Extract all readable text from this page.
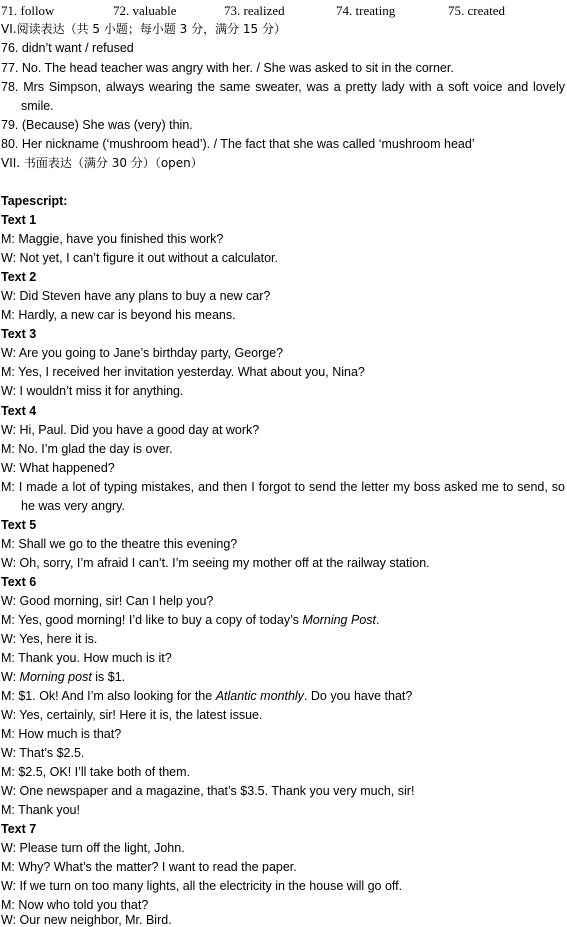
71. follow	72. valuable	73. realized	74. treating	75. created
VI.阅读表达（共 5 小题；每小题 3 分，满分 15 分）
76. didn’t want / refused
77. No. The head teacher was angry with her. / She was asked to sit in the corner.
78. Mrs Simpson, always wearing the same sweater, was a pretty lady with a soft voice and lovely
smile.
79. (Because) She was (very) thin.
80. Her nickname (‘mushroom head’). / The fact that she was called ‘mushroom head’
VII. 书面表达（满分 30 分）（open）
Tapescript:
Text 1
M: Maggie, have you finished this work?
W: Not yet, I can’t figure it out without a calculator.
Text 2
W: Did Steven have any plans to buy a new car?
M: Hardly, a new car is beyond his means.
Text 3
W: Are you going to Jane’s birthday party, George?
M: Yes, I received her invitation yesterday. What about you, Nina?
W: I wouldn’t miss it for anything.
Text 4
W: Hi, Paul. Did you have a good day at work?
M: No. I’m glad the day is over.
W: What happened?
M: I made a lot of typing mistakes, and then I forgot to send the letter my boss asked me to send, so
he was very angry.
Text 5
M: Shall we go to the theatre this evening?
W: Oh, sorry, I’m afraid I can’t. I’m seeing my mother off at the railway station.
Text 6
W: Good morning, sir! Can I help you?
M: Yes, good morning! I’d like to buy a copy of today’s Morning Post.
W: Yes, here it is.
M: Thank you. How much is it?
W: Morning post is $1.
M: $1. Ok! And I’m also looking for the Atlantic monthly. Do you have that?
W: Yes, certainly, sir! Here it is, the latest issue.
M: How much is that?
W: That’s $2.5.
M: $2.5, OK! I’ll take both of them.
W: One newspaper and a magazine, that’s $3.5. Thank you very much, sir!
M: Thank you!
Text 7
W: Please turn off the light, John.
M: Why? What’s the matter? I want to read the paper.
W: If we turn on too many lights, all the electricity in the house will go off.
M: Now who told you that?
W: Our new neighbor, Mr. Bird.
